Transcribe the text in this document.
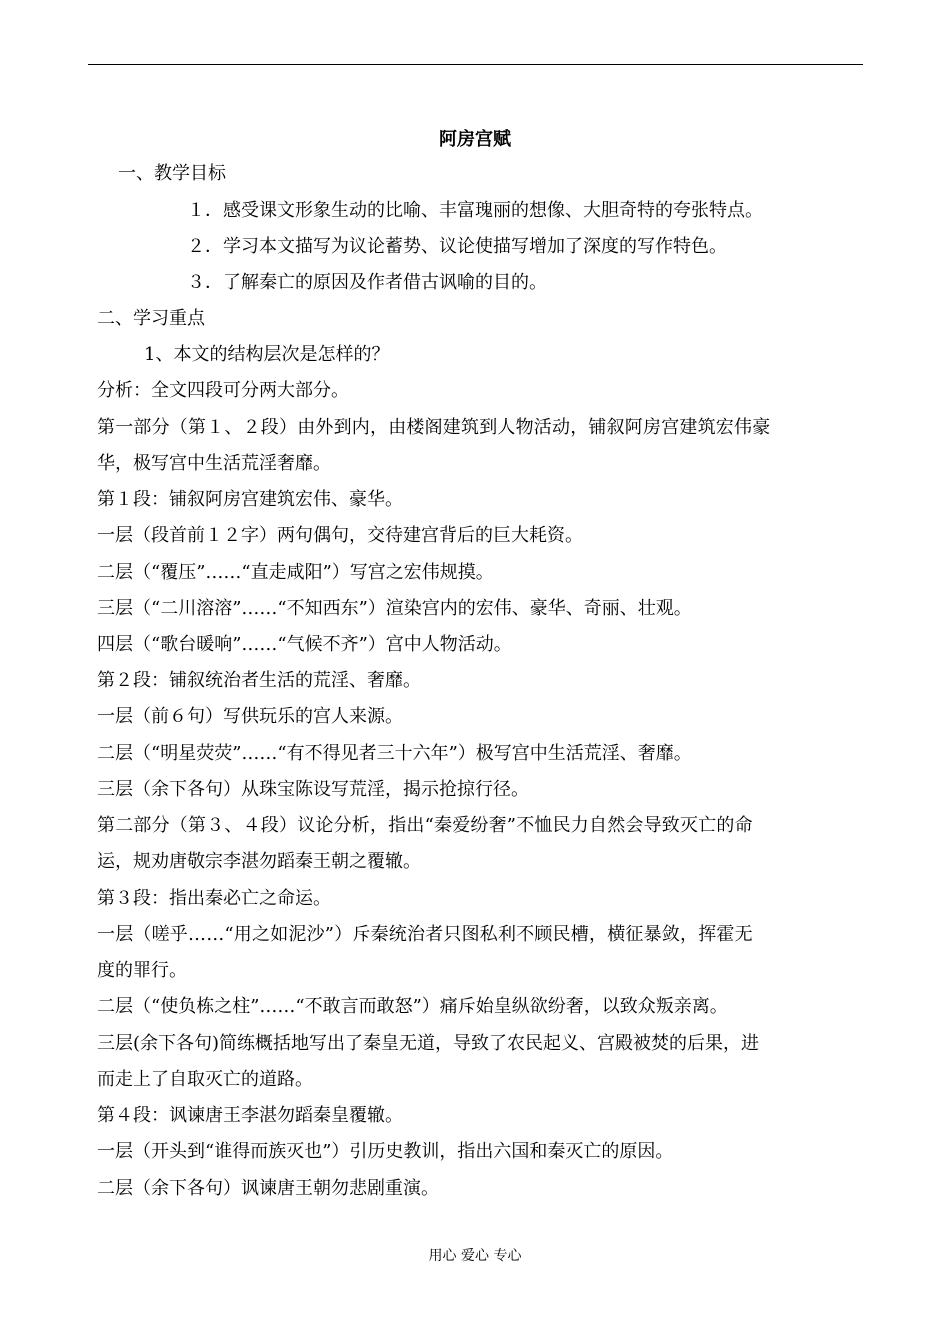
阿房宫赋
一、教学目标
１．感受课文形象生动的比喻、丰富瑰丽的想像、大胆奇特的夸张特点。
２．学习本文描写为议论蓄势、议论使描写增加了深度的写作特色。
３．了解秦亡的原因及作者借古讽喻的目的。
二、学习重点
1、本文的结构层次是怎样的？
分析：全文四段可分两大部分。
第一部分（第１、２段）由外到内，由楼阁建筑到人物活动，铺叙阿房宫建筑宏伟豪
华，极写宫中生活荒淫奢靡。
第１段：铺叙阿房宫建筑宏伟、豪华。
一层（段首前１２字）两句偶句，交待建宫背后的巨大耗资。
二层（“覆压”……“直走咸阳”）写宫之宏伟规摸。
三层（“二川溶溶”……“不知西东”）渲染宫内的宏伟、豪华、奇丽、壮观。
四层（“歌台暖响”……“气候不齐”）宫中人物活动。
第２段：铺叙统治者生活的荒淫、奢靡。
一层（前６句）写供玩乐的宫人来源。
二层（“明星荧荧”……“有不得见者三十六年”）极写宫中生活荒淫、奢靡。
三层（余下各句）从珠宝陈设写荒淫，揭示抢掠行径。
第二部分（第３、４段）议论分析，指出“秦爱纷奢”不恤民力自然会导致灭亡的命
运，规劝唐敬宗李湛勿蹈秦王朝之覆辙。
第３段：指出秦必亡之命运。
一层（嗟乎……“用之如泥沙”）斥秦统治者只图私利不顾民槽，横征暴敛，挥霍无
度的罪行。
二层（“使负栋之柱”……“不敢言而敢怒”）痛斥始皇纵欲纷奢，以致众叛亲离。
三层(余下各句)简练概括地写出了秦皇无道，导致了农民起义、宫殿被焚的后果，进
而走上了自取灭亡的道路。
第４段：讽谏唐王李湛勿蹈秦皇覆辙。
一层（开头到“谁得而族灭也”）引历史教训，指出六国和秦灭亡的原因。
二层（余下各句）讽谏唐王朝勿悲剧重演。
用心 爱心 专心
